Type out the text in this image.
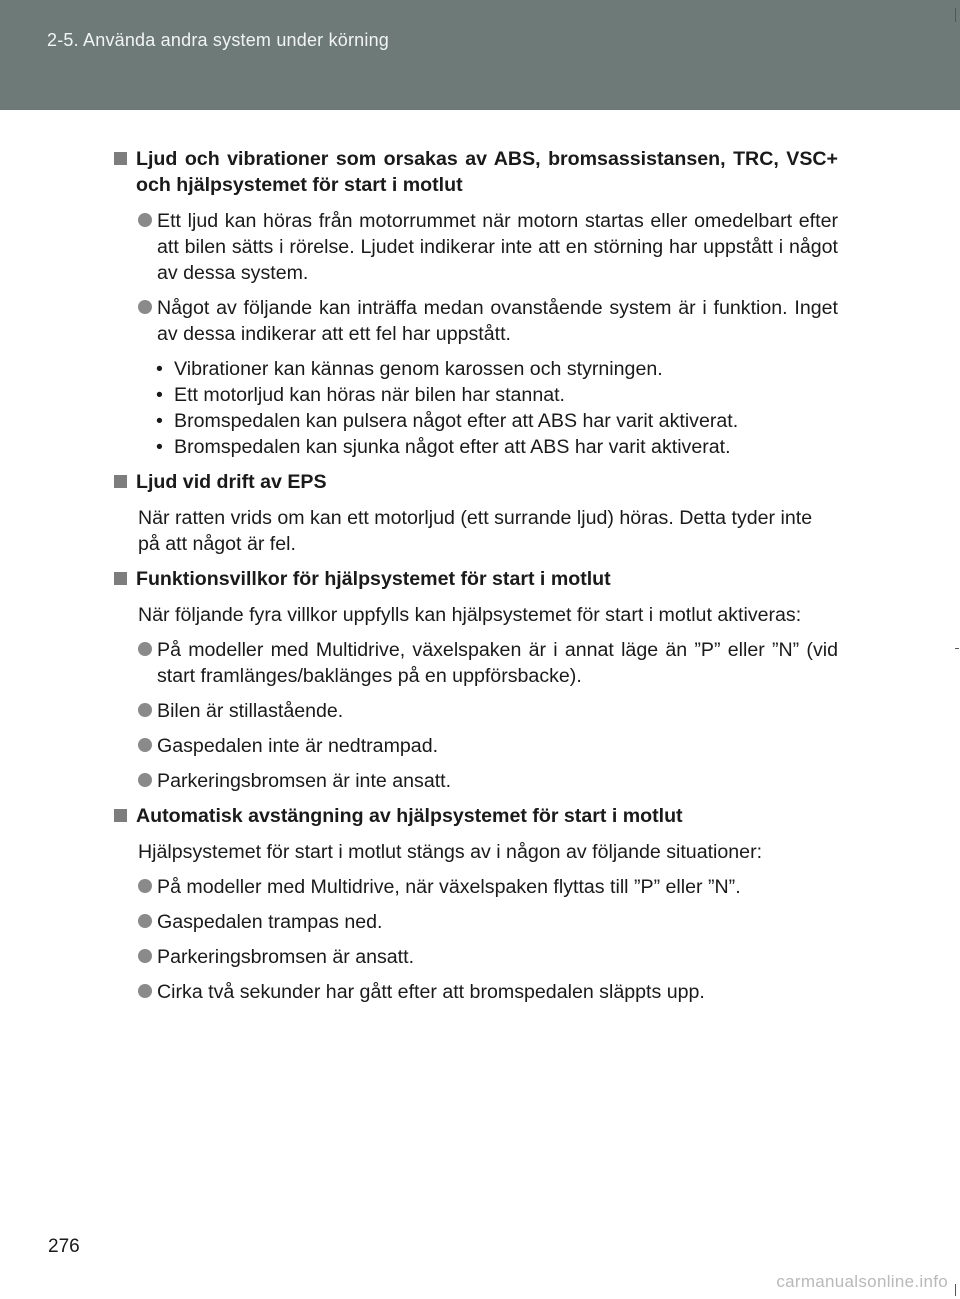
2-5. Använda andra system under körning
Ljud och vibrationer som orsakas av ABS, bromsassistansen, TRC, VSC+ och hjälpsystemet för start i motlut
Ett ljud kan höras från motorrummet när motorn startas eller omedelbart efter att bilen sätts i rörelse. Ljudet indikerar inte att en störning har uppstått i något av dessa system.
Något av följande kan inträffa medan ovanstående system är i funktion. Inget av dessa indikerar att ett fel har uppstått.
• Vibrationer kan kännas genom karossen och styrningen.
• Ett motorljud kan höras när bilen har stannat.
• Bromspedalen kan pulsera något efter att ABS har varit aktiverat.
• Bromspedalen kan sjunka något efter att ABS har varit aktiverat.
Ljud vid drift av EPS
När ratten vrids om kan ett motorljud (ett surrande ljud) höras. Detta tyder inte på att något är fel.
Funktionsvillkor för hjälpsystemet för start i motlut
När följande fyra villkor uppfylls kan hjälpsystemet för start i motlut aktiveras:
På modeller med Multidrive, växelspaken är i annat läge än ”P” eller ”N” (vid start framlänges/baklänges på en uppförsbacke).
Bilen är stillastående.
Gaspedalen inte är nedtrampad.
Parkeringsbromsen är inte ansatt.
Automatisk avstängning av hjälpsystemet för start i motlut
Hjälpsystemet för start i motlut stängs av i någon av följande situationer:
På modeller med Multidrive, när växelspaken flyttas till ”P” eller ”N”.
Gaspedalen trampas ned.
Parkeringsbromsen är ansatt.
Cirka två sekunder har gått efter att bromspedalen släppts upp.
276
carmanualsonline.info
